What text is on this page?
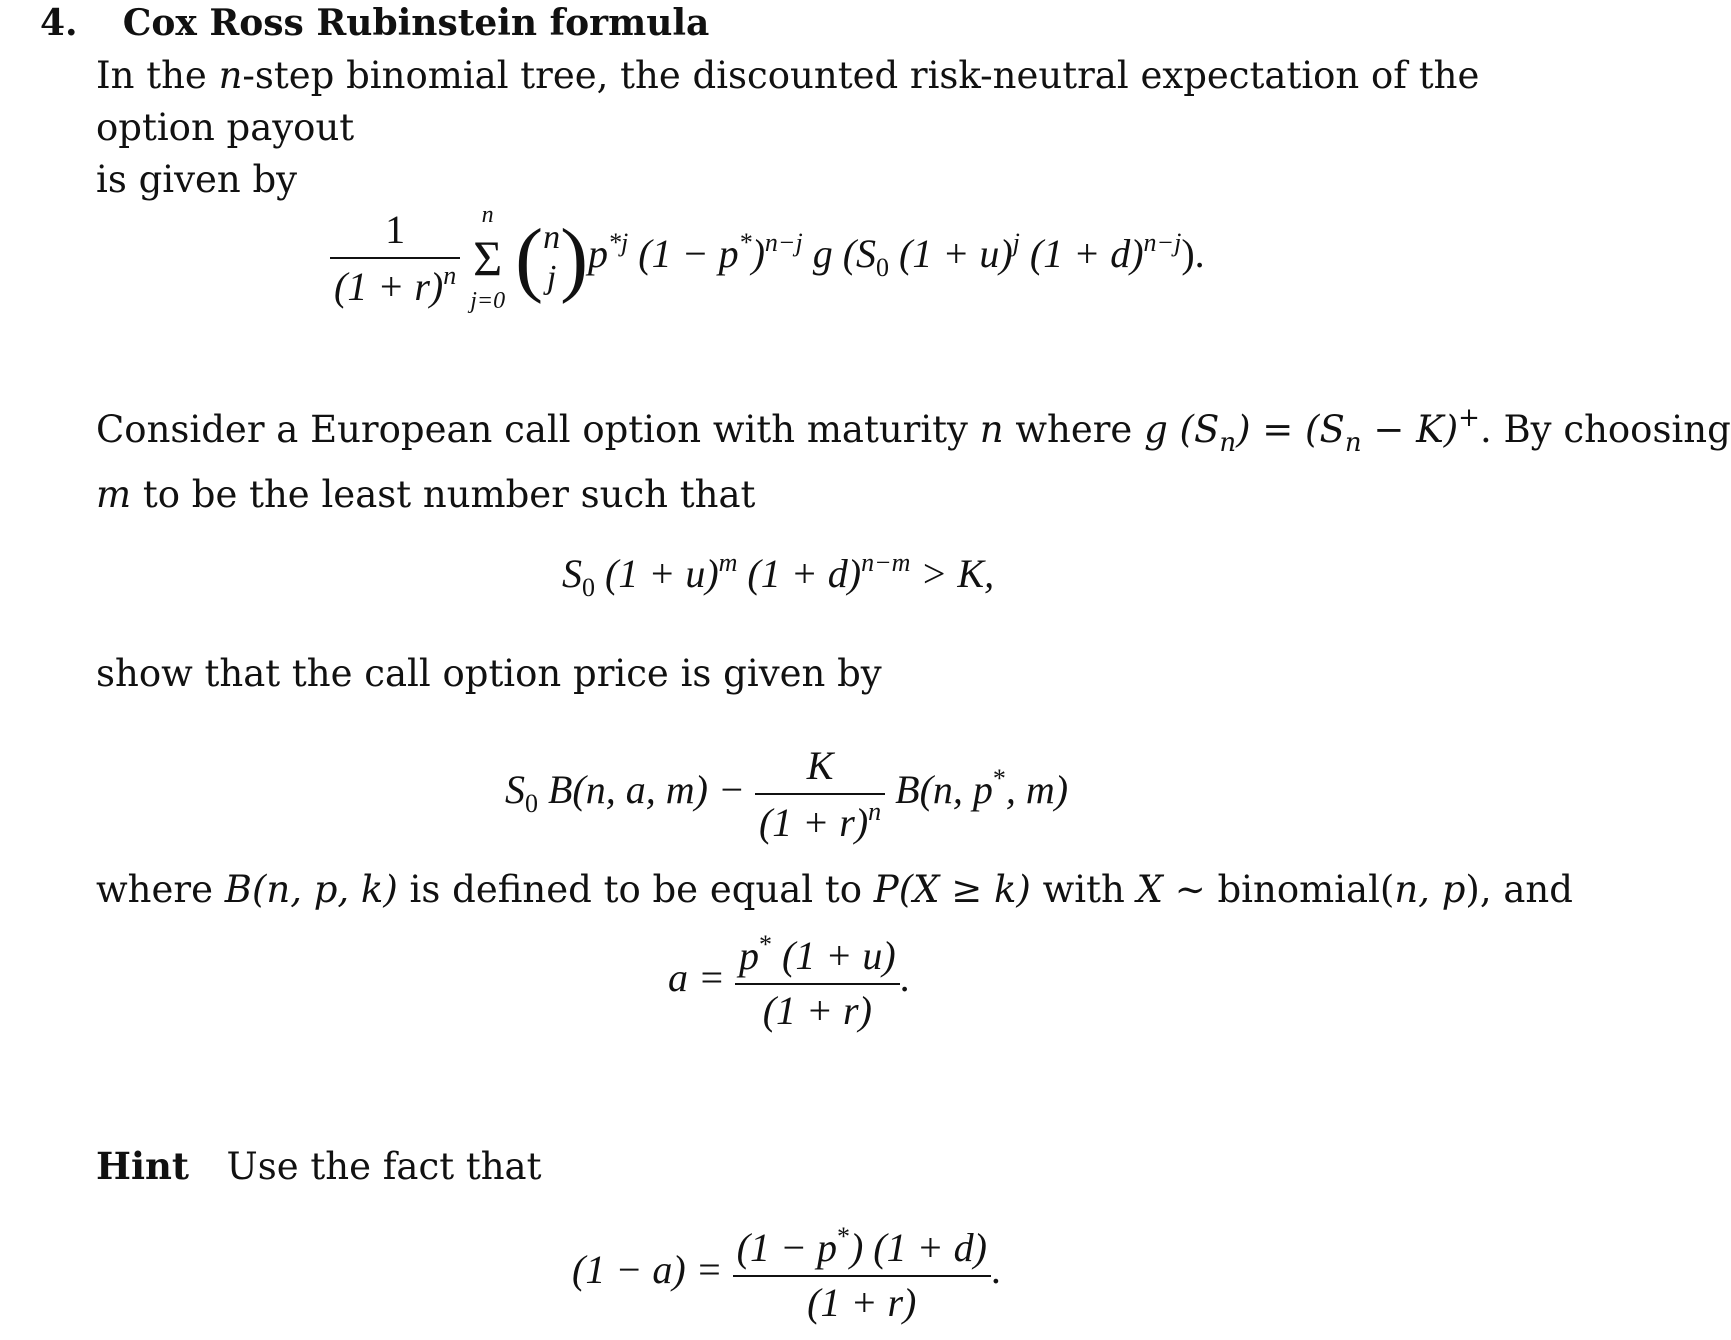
4. Cox Ross Rubinstein formula
In the n-step binomial tree, the discounted risk-neutral expectation of the option payout
is given by
$\frac{1}{(1 + r)^n}$
n
Σ
j=0 ( n
j )$p^{*j}$ $(1 - p^*)^{n-j}$ g ($S_0$ $(1 + u)^j$ $(1 + d)^{n-j}$).
Consider a European call option with maturity n where g $(S_n) = (S_n - K)^+$. By choosing
m to be the least number such that
$S_0$ $(1 + u)^m$ $(1 + d)^{n-m} > K$,
show that the call option price is given by
$S_0$ B(n, a, $m) - \frac{K}{(1 + r)^n} B(n$, p*, m)
where B(n, p, k) is defined to be equal to P(X ≥ k) with X ∼ binomial(n, p), and
$a = \frac{p^* (1 + u)}{(1 + r)}$ .
Hint Use the fact that
$(1 - a) = \frac{(1 - p^*) (1 + d)}{(1 + r)}$ .
